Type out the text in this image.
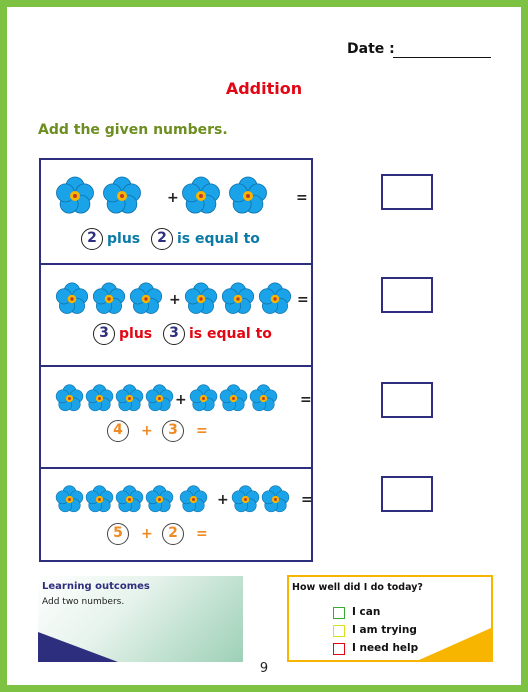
Date :
Addition
Add the given numbers.
+	=
2 plus	2 is equal to
+	=
3 plus	3 is equal to
+	=
4	+	3	=
+	=
5	+	2	=
Learning outcomes

Add two numbers.

How well did I do today?
I can
I am trying
I need help
9
